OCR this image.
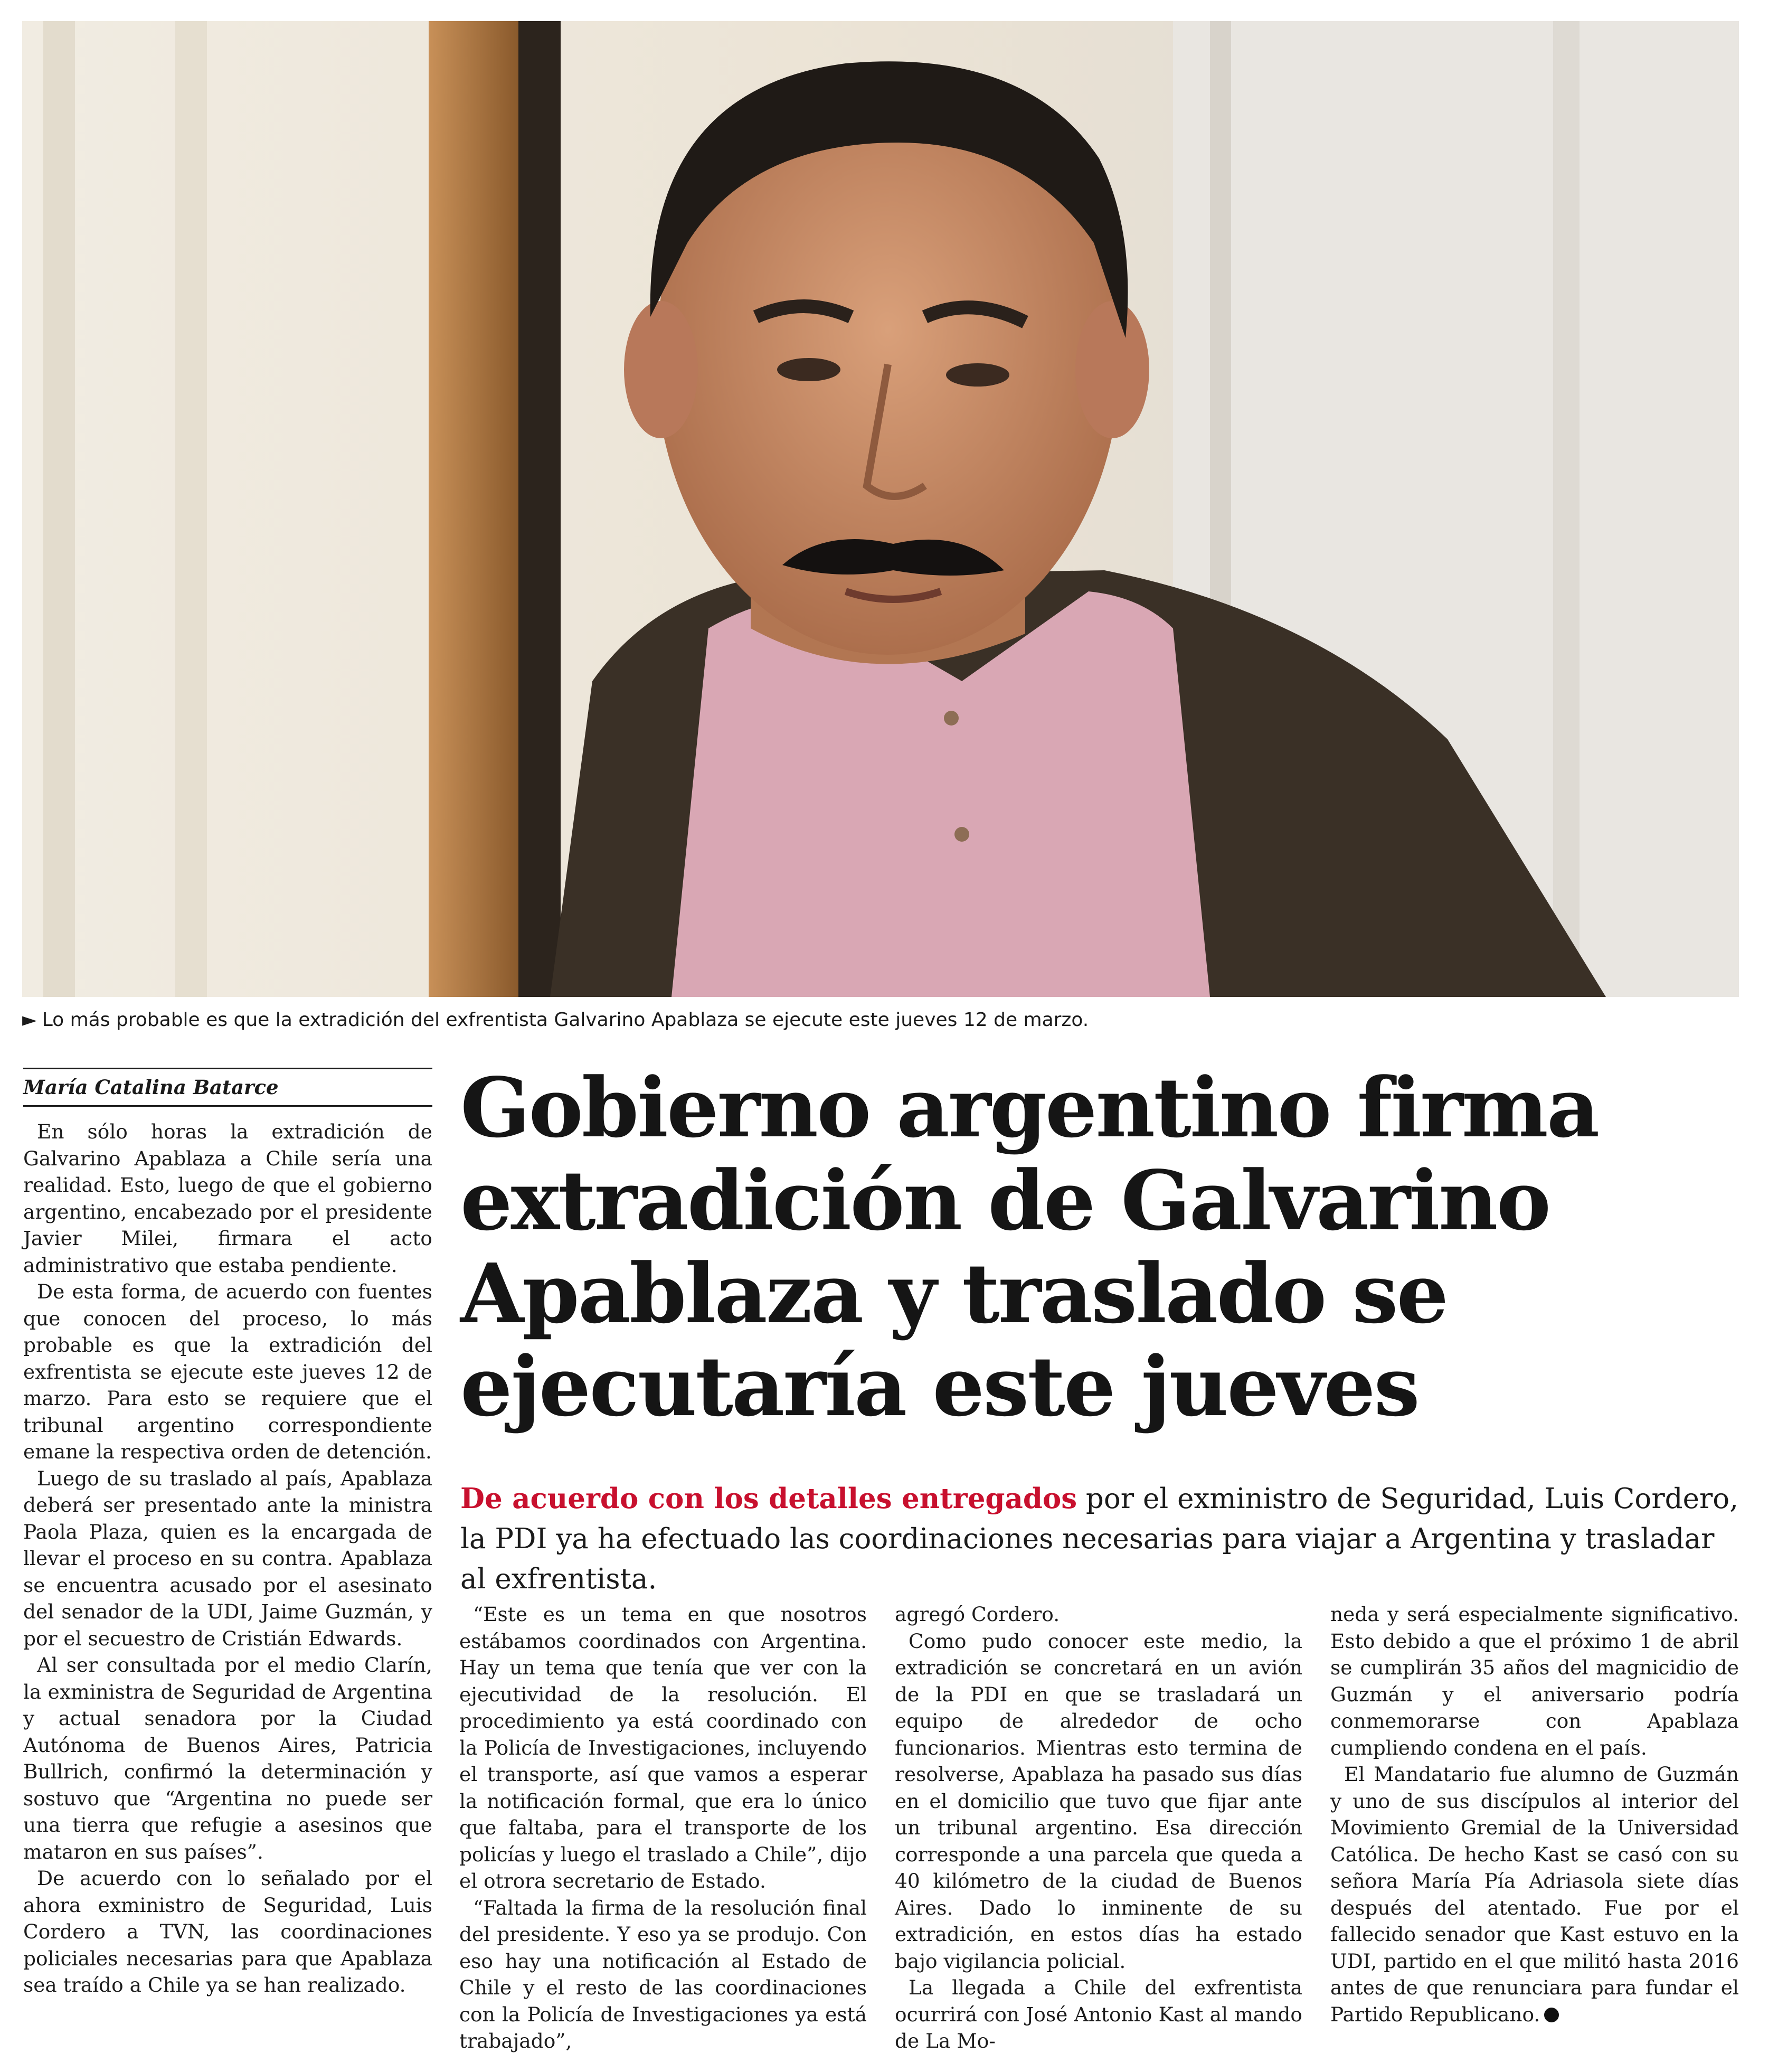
► Lo más probable es que la extradición del exfrentista Galvarino Apablaza se ejecute este jueves 12 de marzo.
María Catalina Batarce

En sólo horas la extradición de Galvarino Apablaza a Chile sería una realidad. Esto, luego de que el gobierno argentino, encabezado por el presidente Javier Milei, firmara el acto administrativo que estaba pendiente.

De esta forma, de acuerdo con fuentes que conocen del proceso, lo más probable es que la extradición del exfrentista se ejecute este jueves 12 de marzo. Para esto se requiere que el tribunal argentino correspondiente emane la respectiva orden de detención.

Luego de su traslado al país, Apablaza deberá ser presentado ante la ministra Paola Plaza, quien es la encargada de llevar el proceso en su contra. Apablaza se encuentra acusado por el asesinato del senador de la UDI, Jaime Guzmán, y por el secuestro de Cristián Edwards.

Al ser consultada por el medio Clarín, la exministra de Seguridad de Argentina y actual senadora por la Ciudad Autónoma de Buenos Aires, Patricia Bullrich, confirmó la determinación y sostuvo que “Argentina no puede ser una tierra que refugie a asesinos que mataron en sus países”.

De acuerdo con lo señalado por el ahora exministro de Seguridad, Luis Cordero a TVN, las coordinaciones policiales necesarias para que Apablaza sea traído a Chile ya se han realizado.

Gobierno argentino firma
extradición de Galvarino
Apablaza y traslado se
ejecutaría este jueves
De acuerdo con los detalles entregados por el exministro de Seguridad, Luis Cordero, la PDI ya ha efectuado las coordinaciones necesarias para viajar a Argentina y trasladar al exfrentista.

“Este es un tema en que nosotros estábamos coordinados con Argentina. Hay un tema que tenía que ver con la ejecutividad de la resolución. El procedimiento ya está coordinado con la Policía de Investigaciones, incluyendo el transporte, así que vamos a esperar la notificación formal, que era lo único que faltaba, para el transporte de los policías y luego el traslado a Chile”, dijo el otrora secretario de Estado.

“Faltada la firma de la resolución final del presidente. Y eso ya se produjo. Con eso hay una notificación al Estado de Chile y el resto de las coordinaciones con la Policía de Investigaciones ya está trabajado”,

agregó Cordero.

Como pudo conocer este medio, la extradición se concretará en un avión de la PDI en que se trasladará un equipo de alrededor de ocho funcionarios. Mientras esto termina de resolverse, Apablaza ha pasado sus días en el domicilio que tuvo que fijar ante un tribunal argentino. Esa dirección corresponde a una parcela que queda a 40 kilómetro de la ciudad de Buenos Aires. Dado lo inminente de su extradición, en estos días ha estado bajo vigilancia policial.

La llegada a Chile del exfrentista ocurrirá con José Antonio Kast al mando de La Mo-

neda y será especialmente significativo. Esto debido a que el próximo 1 de abril se cumplirán 35 años del magnicidio de Guzmán y el aniversario podría conmemorarse con Apablaza cumpliendo condena en el país.

El Mandatario fue alumno de Guzmán y uno de sus discípulos al interior del Movimiento Gremial de la Universidad Católica. De hecho Kast se casó con su señora María Pía Adriasola siete días después del atentado. Fue por el fallecido senador que Kast estuvo en la UDI, partido en el que militó hasta 2016 antes de que renunciara para fundar el Partido Republicano.
